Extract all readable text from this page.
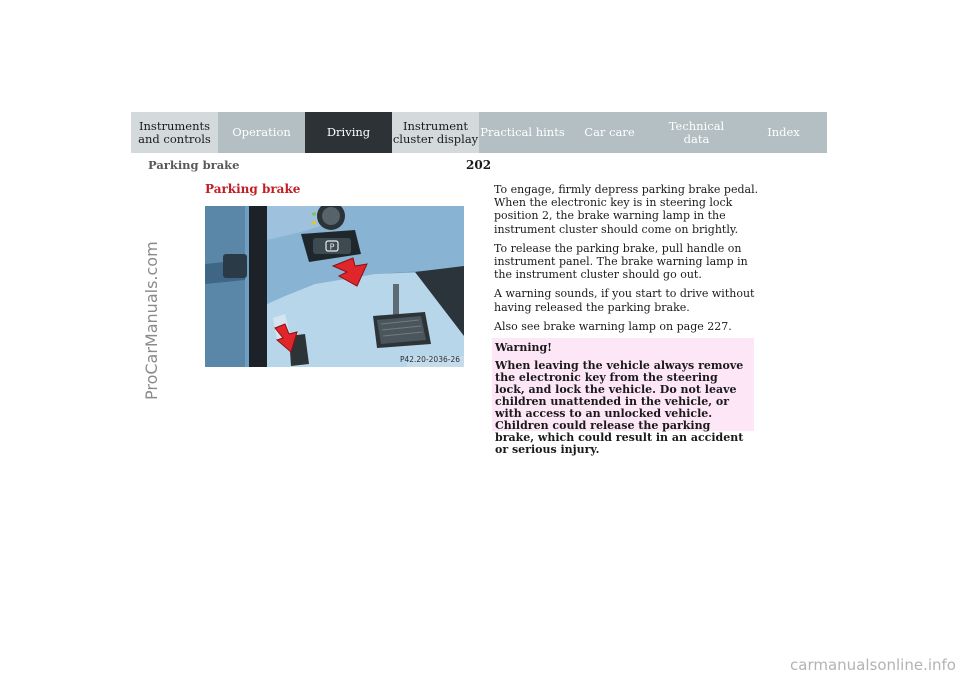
Instruments
and controls Operation	Driving	Instrument
cluster display Practical hints Car care	Technical
data	Index
Parking brake	202
ProCarManuals.com
Parking brake
P
P42.20-2036-26

To engage, firmly depress parking brake pedal. When the electronic key is in steering lock position 2, the brake warning lamp in the instrument cluster should come on brightly.

To release the parking brake, pull handle on instrument panel. The brake warning lamp in the instrument cluster should go out.

A warning sounds, if you start to drive without having released the parking brake.

Also see brake warning lamp on page 227.

Warning!
When leaving the vehicle always remove the electronic key from the steering lock, and lock the vehicle. Do not leave children unattended in the vehicle, or with access to an unlocked vehicle. Children could release the parking brake, which could result in an accident or serious injury.
carmanualsonline.info
